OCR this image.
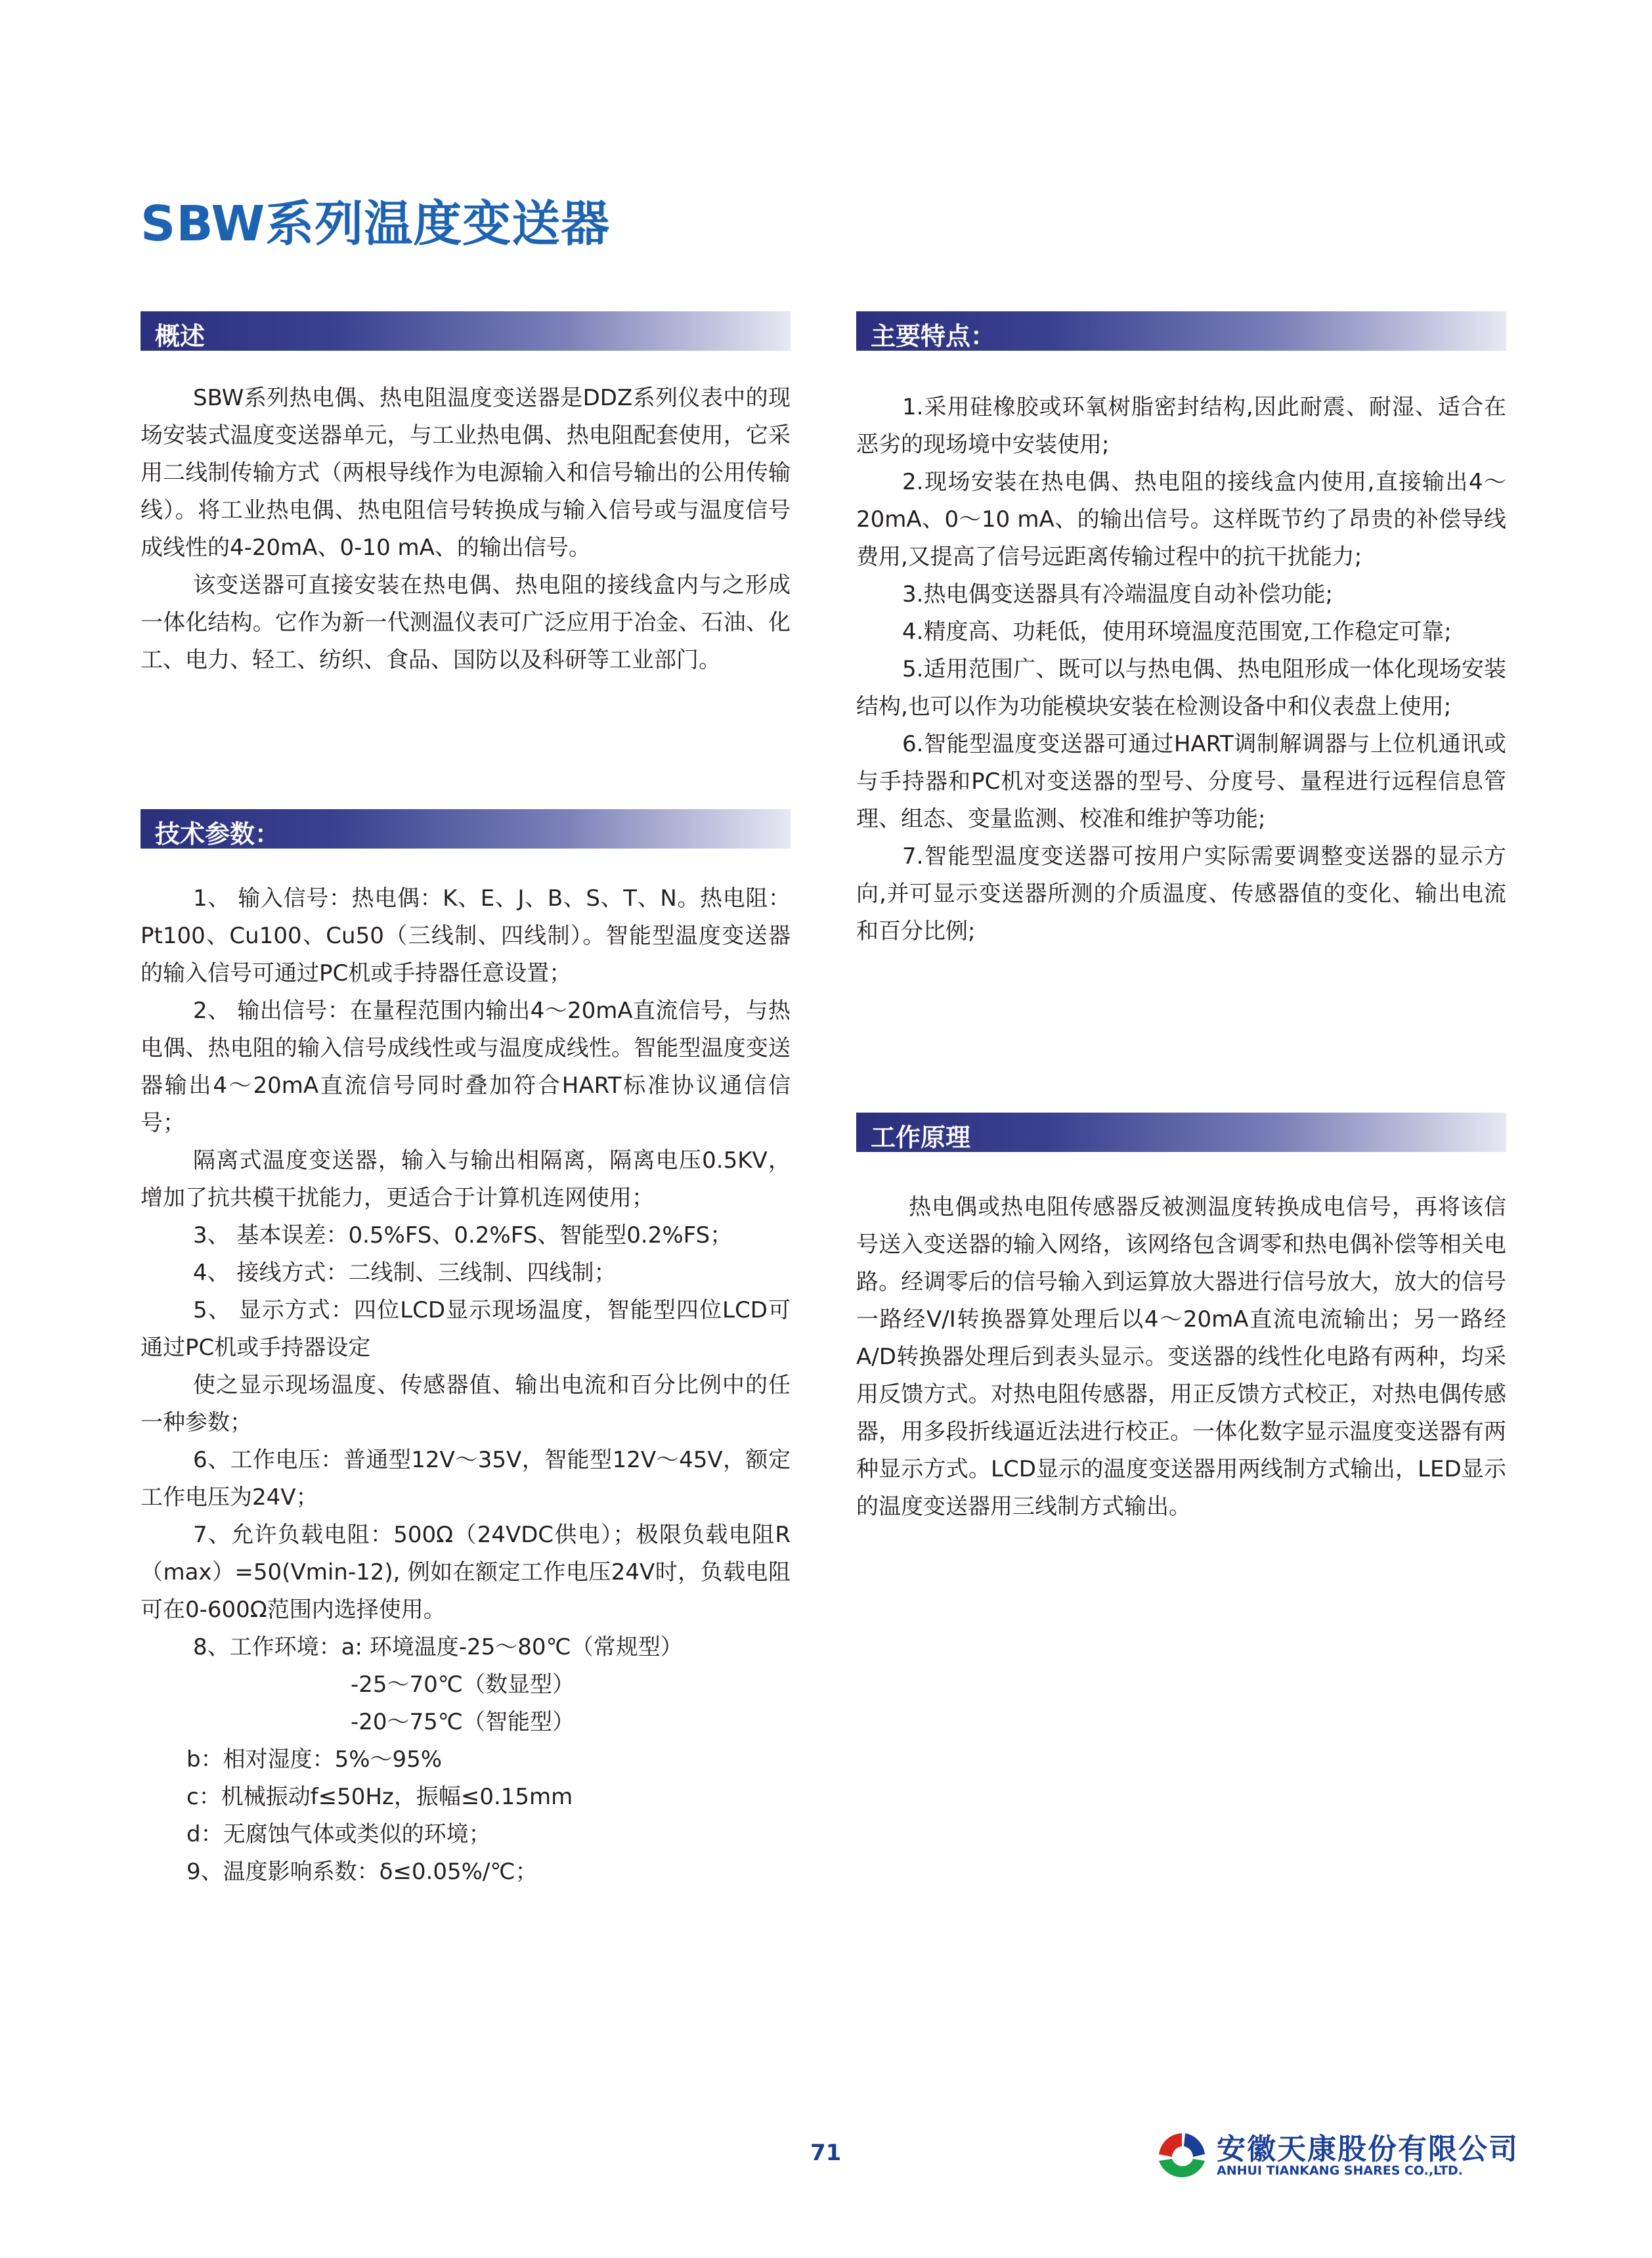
SBW系列温度变送器
概述

SBW系列热电偶、热电阻温度变送器是DDZ系列仪表中的现场安装式温度变送器单元，与工业热电偶、热电阻配套使用，它采用二线制传输方式（两根导线作为电源输入和信号输出的公用传输线）。将工业热电偶、热电阻信号转换成与输入信号或与温度信号成线性的4-20mA、0-10 mA、的输出信号。

该变送器可直接安装在热电偶、热电阻的接线盒内与之形成一体化结构。它作为新一代测温仪表可广泛应用于冶金、石油、化工、电力、轻工、纺织、食品、国防以及科研等工业部门。

技术参数：

1、 输入信号：热电偶：K、E、J、B、S、T、N。热电阻： Pt100、Cu100、Cu50（三线制、四线制）。智能型温度变送器的输入信号可通过PC机或手持器任意设置；

2、 输出信号：在量程范围内输出4～20mA直流信号，与热电偶、热电阻的输入信号成线性或与温度成线性。智能型温度变送器输出4～20mA直流信号同时叠加符合HART标准协议通信信号；

隔离式温度变送器，输入与输出相隔离，隔离电压0.5KV，增加了抗共模干扰能力，更适合于计算机连网使用；

3、 基本误差：0.5%FS、0.2%FS、智能型0.2%FS；

4、 接线方式：二线制、三线制、四线制；

5、 显示方式：四位LCD显示现场温度，智能型四位LCD可通过PC机或手持器设定

使之显示现场温度、传感器值、输出电流和百分比例中的任一种参数；

6、工作电压：普通型12V～35V，智能型12V～45V，额定工作电压为24V；

7、允许负载电阻：500Ω（24VDC供电）；极限负载电阻R（max）=50(Vmin-12), 例如在额定工作电压24V时，负载电阻可在0-600Ω范围内选择使用。

8、工作环境：a: 环境温度-25～80℃（常规型）

-25～70℃（数显型）

-20～75℃（智能型）

b：相对湿度：5%～95%

c：机械振动f≤50Hz，振幅≤0.15mm

d：无腐蚀气体或类似的环境；

9、温度影响系数：δ≤0.05%/℃；

主要特点：

1.采用硅橡胶或环氧树脂密封结构,因此耐震、耐湿、适合在恶劣的现场境中安装使用;

2.现场安装在热电偶、热电阻的接线盒内使用,直接输出4～20mA、0～10 mA、的输出信号。这样既节约了昂贵的补偿导线费用,又提高了信号远距离传输过程中的抗干扰能力;

3.热电偶变送器具有冷端温度自动补偿功能;

4.精度高、功耗低，使用环境温度范围宽,工作稳定可靠;

5.适用范围广、既可以与热电偶、热电阻形成一体化现场安装结构,也可以作为功能模块安装在检测设备中和仪表盘上使用;

6.智能型温度变送器可通过HART调制解调器与上位机通讯或与手持器和PC机对变送器的型号、分度号、量程进行远程信息管理、组态、变量监测、校准和维护等功能;

7.智能型温度变送器可按用户实际需要调整变送器的显示方向,并可显示变送器所测的介质温度、传感器值的变化、输出电流和百分比例;

工作原理

热电偶或热电阻传感器反被测温度转换成电信号，再将该信号送入变送器的输入网络，该网络包含调零和热电偶补偿等相关电路。经调零后的信号输入到运算放大器进行信号放大，放大的信号一路经V/I转换器算处理后以4～20mA直流电流输出；另一路经A/D转换器处理后到表头显示。变送器的线性化电路有两种，均采用反馈方式。对热电阻传感器，用正反馈方式校正，对热电偶传感器，用多段折线逼近法进行校正。一体化数字显示温度变送器有两种显示方式。LCD显示的温度变送器用两线制方式输出，LED显示的温度变送器用三线制方式输出。

71	安徽天康股份有限公司
ANHUI TIANKANG SHARES CO.,LTD.
